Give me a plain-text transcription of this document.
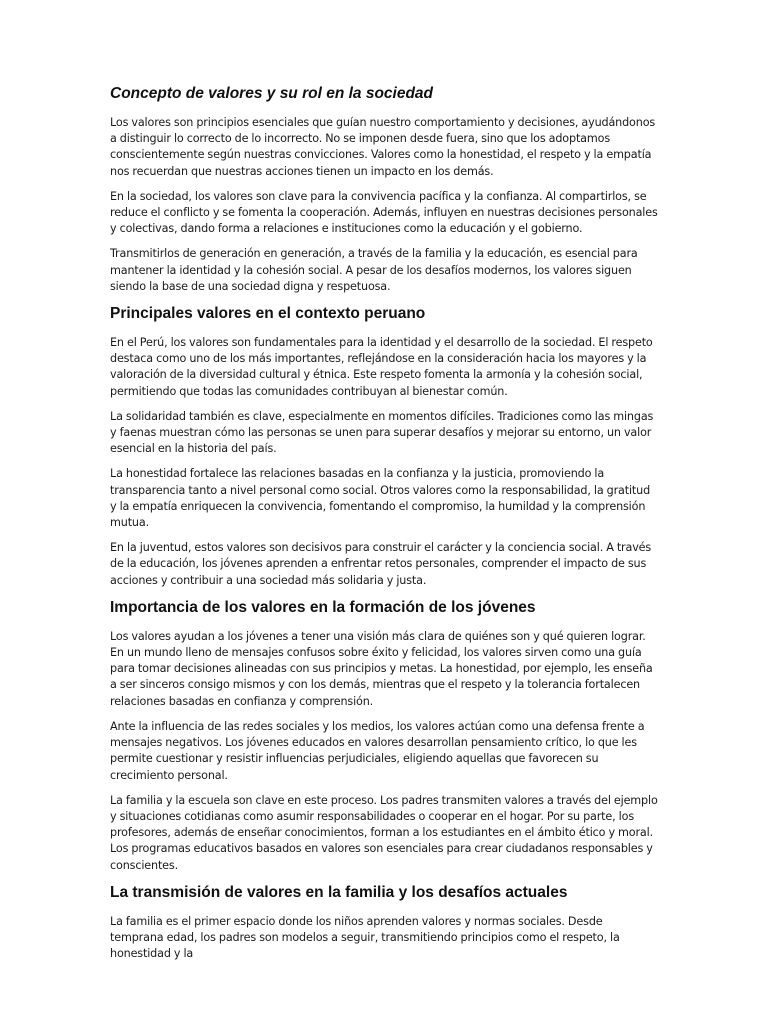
Concepto de valores y su rol en la sociedad

Los valores son principios esenciales que guían nuestro comportamiento y decisiones, ayudándonos a distinguir lo correcto de lo incorrecto. No se imponen desde fuera, sino que los adoptamos conscientemente según nuestras convicciones. Valores como la honestidad, el respeto y la empatía nos recuerdan que nuestras acciones tienen un impacto en los demás.

En la sociedad, los valores son clave para la convivencia pacífica y la confianza. Al compartirlos, se reduce el conflicto y se fomenta la cooperación. Además, influyen en nuestras decisiones personales y colectivas, dando forma a relaciones e instituciones como la educación y el gobierno.

Transmitirlos de generación en generación, a través de la familia y la educación, es esencial para mantener la identidad y la cohesión social. A pesar de los desafíos modernos, los valores siguen siendo la base de una sociedad digna y respetuosa.

Principales valores en el contexto peruano

En el Perú, los valores son fundamentales para la identidad y el desarrollo de la sociedad. El respeto destaca como uno de los más importantes, reflejándose en la consideración hacia los mayores y la valoración de la diversidad cultural y étnica. Este respeto fomenta la armonía y la cohesión social, permitiendo que todas las comunidades contribuyan al bienestar común.

La solidaridad también es clave, especialmente en momentos difíciles. Tradiciones como las mingas y faenas muestran cómo las personas se unen para superar desafíos y mejorar su entorno, un valor esencial en la historia del país.

La honestidad fortalece las relaciones basadas en la confianza y la justicia, promoviendo la transparencia tanto a nivel personal como social. Otros valores como la responsabilidad, la gratitud y la empatía enriquecen la convivencia, fomentando el compromiso, la humildad y la comprensión mutua.

En la juventud, estos valores son decisivos para construir el carácter y la conciencia social. A través de la educación, los jóvenes aprenden a enfrentar retos personales, comprender el impacto de sus acciones y contribuir a una sociedad más solidaria y justa.

Importancia de los valores en la formación de los jóvenes

Los valores ayudan a los jóvenes a tener una visión más clara de quiénes son y qué quieren lograr. En un mundo lleno de mensajes confusos sobre éxito y felicidad, los valores sirven como una guía para tomar decisiones alineadas con sus principios y metas. La honestidad, por ejemplo, les enseña a ser sinceros consigo mismos y con los demás, mientras que el respeto y la tolerancia fortalecen relaciones basadas en confianza y comprensión.

Ante la influencia de las redes sociales y los medios, los valores actúan como una defensa frente a mensajes negativos. Los jóvenes educados en valores desarrollan pensamiento crítico, lo que les permite cuestionar y resistir influencias perjudiciales, eligiendo aquellas que favorecen su crecimiento personal.

La familia y la escuela son clave en este proceso. Los padres transmiten valores a través del ejemplo y situaciones cotidianas como asumir responsabilidades o cooperar en el hogar. Por su parte, los profesores, además de enseñar conocimientos, forman a los estudiantes en el ámbito ético y moral. Los programas educativos basados en valores son esenciales para crear ciudadanos responsables y conscientes.

La transmisión de valores en la familia y los desafíos actuales

La familia es el primer espacio donde los niños aprenden valores y normas sociales. Desde temprana edad, los padres son modelos a seguir, transmitiendo principios como el respeto, la honestidad y la
